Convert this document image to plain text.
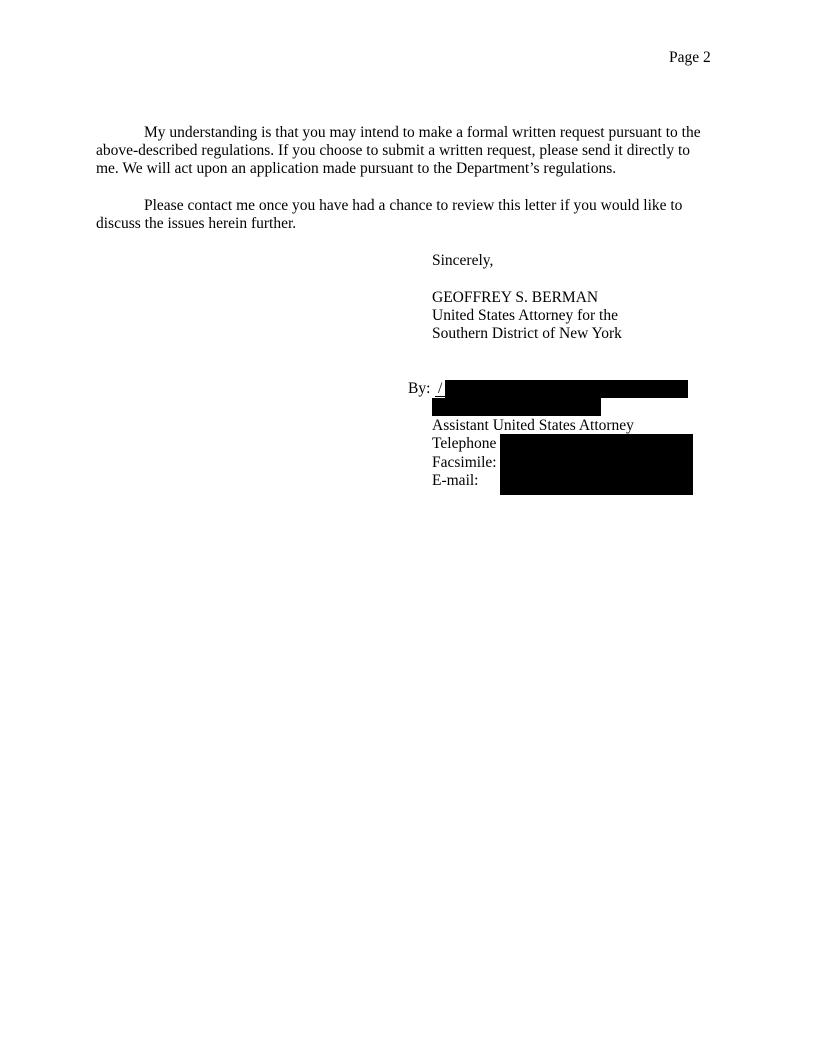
Page 2
My understanding is that you may intend to make a formal written request pursuant to the
above-described regulations. If you choose to submit a written request, please send it directly to
me. We will act upon an application made pursuant to the Department’s regulations.
Please contact me once you have had a chance to review this letter if you would like to
discuss the issues herein further.
Sincerely,
GEOFFREY S. BERMAN
United States Attorney for the
Southern District of New York
By: /
Assistant United States Attorney
Telephone
Facsimile:
E-mail:
